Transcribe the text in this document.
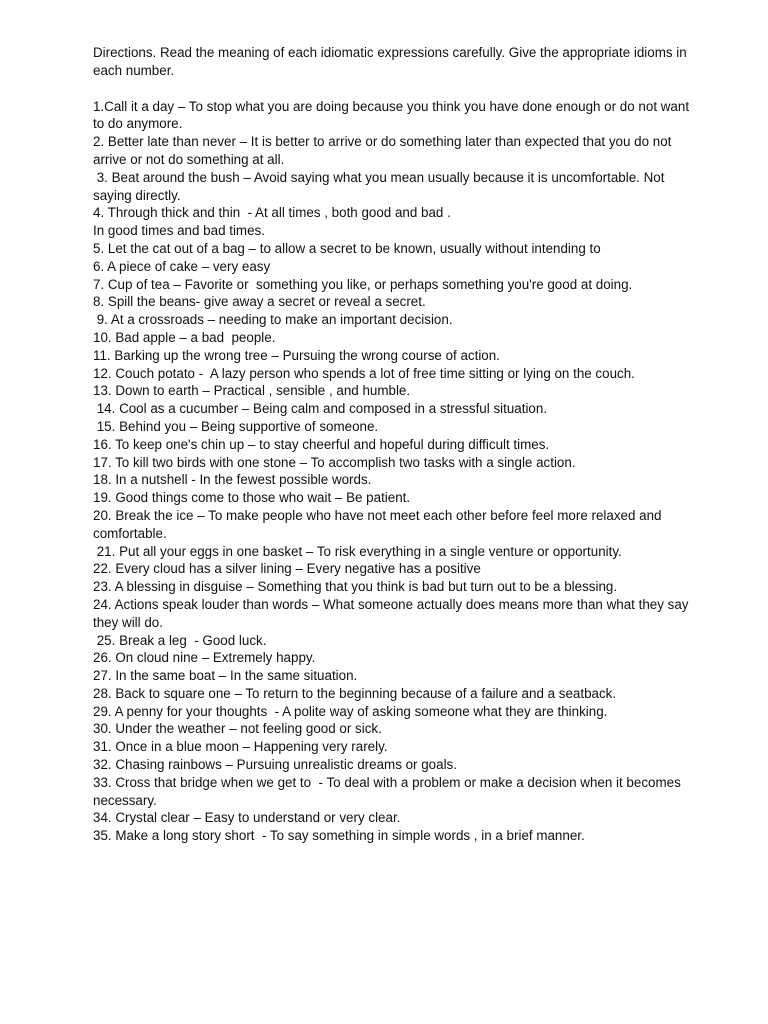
Directions. Read the meaning of each idiomatic expressions carefully. Give the appropriate idioms in each number.

1.Call it a day – To stop what you are doing because you think you have done enough or do not want to do anymore.
2. Better late than never – It is better to arrive or do something later than expected that you do not arrive or not do something at all.
3. Beat around the bush – Avoid saying what you mean usually because it is uncomfortable. Not saying directly.
4. Through thick and thin  - At all times , both good and bad .
In good times and bad times.
5. Let the cat out of a bag – to allow a secret to be known, usually without intending to
6. A piece of cake – very easy
7. Cup of tea – Favorite or  something you like, or perhaps something you're good at doing.
8. Spill the beans- give away a secret or reveal a secret.
9. At a crossroads – needing to make an important decision.
10. Bad apple – a bad  people.
11. Barking up the wrong tree – Pursuing the wrong course of action.
12. Couch potato -  A lazy person who spends a lot of free time sitting or lying on the couch.
13. Down to earth – Practical , sensible , and humble.
14. Cool as a cucumber – Being calm and composed in a stressful situation.
15. Behind you – Being supportive of someone.
16. To keep one's chin up – to stay cheerful and hopeful during difficult times.
17. To kill two birds with one stone – To accomplish two tasks with a single action.
18. In a nutshell - In the fewest possible words.
19. Good things come to those who wait – Be patient.
20. Break the ice – To make people who have not meet each other before feel more relaxed and comfortable.
21. Put all your eggs in one basket – To risk everything in a single venture or opportunity.
22. Every cloud has a silver lining – Every negative has a positive
23. A blessing in disguise – Something that you think is bad but turn out to be a blessing.
24. Actions speak louder than words – What someone actually does means more than what they say they will do.
25. Break a leg  - Good luck.
26. On cloud nine – Extremely happy.
27. In the same boat – In the same situation.
28. Back to square one – To return to the beginning because of a failure and a seatback.
29. A penny for your thoughts  - A polite way of asking someone what they are thinking.
30. Under the weather – not feeling good or sick.
31. Once in a blue moon – Happening very rarely.
32. Chasing rainbows – Pursuing unrealistic dreams or goals.
33. Cross that bridge when we get to  - To deal with a problem or make a decision when it becomes necessary.
34. Crystal clear – Easy to understand or very clear.
35. Make a long story short  - To say something in simple words , in a brief manner.
